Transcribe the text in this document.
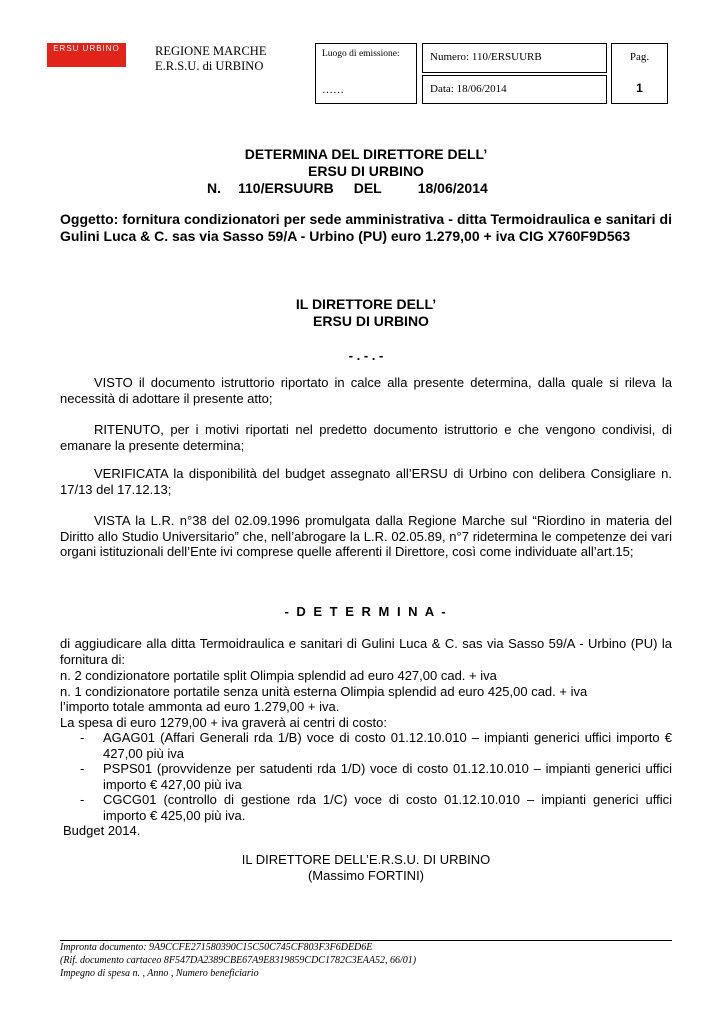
ERSU URBINO	REGIONE MARCHE
E.R.S.U. di URBINO
Luogo di emissione:
……
Numero: 110/ERSUURB
Data: 18/06/2014
Pag.
1
DETERMINA DEL DIRETTORE DELL’
ERSU DI URBINO
N. 110/ERSUURB DEL	18/06/2014
Oggetto: fornitura condizionatori per sede amministrativa - ditta Termoidraulica e sanitari di Gulini Luca & C. sas via Sasso 59/A - Urbino (PU) euro 1.279,00 + iva CIG X760F9D563
IL DIRETTORE DELL’
ERSU DI URBINO
- . - . -
VISTO il documento istruttorio riportato in calce alla presente determina, dalla quale si rileva la necessità di adottare il presente atto;
RITENUTO, per i motivi riportati nel predetto documento istruttorio e che vengono condivisi, di emanare la presente determina;
VERIFICATA la disponibilità del budget assegnato all’ERSU di Urbino con delibera Consigliare n. 17/13 del 17.12.13;
VISTA la L.R. n°38 del 02.09.1996 promulgata dalla Regione Marche sul “Riordino in materia del Diritto allo Studio Universitario” che, nell’abrogare la L.R. 02.05.89, n°7 ridetermina le competenze dei vari organi istituzionali dell’Ente ivi comprese quelle afferenti il Direttore, così come individuate all’art.15;
- D E T E R M I N A -
di aggiudicare alla ditta Termoidraulica e sanitari di Gulini Luca & C. sas via Sasso 59/A - Urbino (PU) la fornitura di:
n. 2 condizionatore portatile split Olimpia splendid ad euro 427,00 cad. + iva
n. 1 condizionatore portatile senza unità esterna Olimpia splendid ad euro 425,00 cad. + iva
l’importo totale ammonta ad euro 1.279,00 + iva.
La spesa di euro 1279,00 + iva graverà ai centri di costo:
- AGAG01 (Affari Generali rda 1/B) voce di costo 01.12.10.010 – impianti generici uffici importo € 427,00 più iva
- PSPS01 (provvidenze per satudenti rda 1/D) voce di costo 01.12.10.010 – impianti generici uffici importo € 427,00 più iva
- CGCG01 (controllo di gestione rda 1/C) voce di costo 01.12.10.010 – impianti generici uffici importo € 425,00 più iva.
Budget 2014.
IL DIRETTORE DELL’E.R.S.U. DI URBINO
(Massimo FORTINI)
Impronta documento: 9A9CCFE271580390C15C50C745CF803F3F6DED6E
(Rif. documento cartaceo 8F547DA2389CBE67A9E8319859CDC1782C3EAA52, 66/01)
Impegno di spesa n. , Anno , Numero beneficiario
